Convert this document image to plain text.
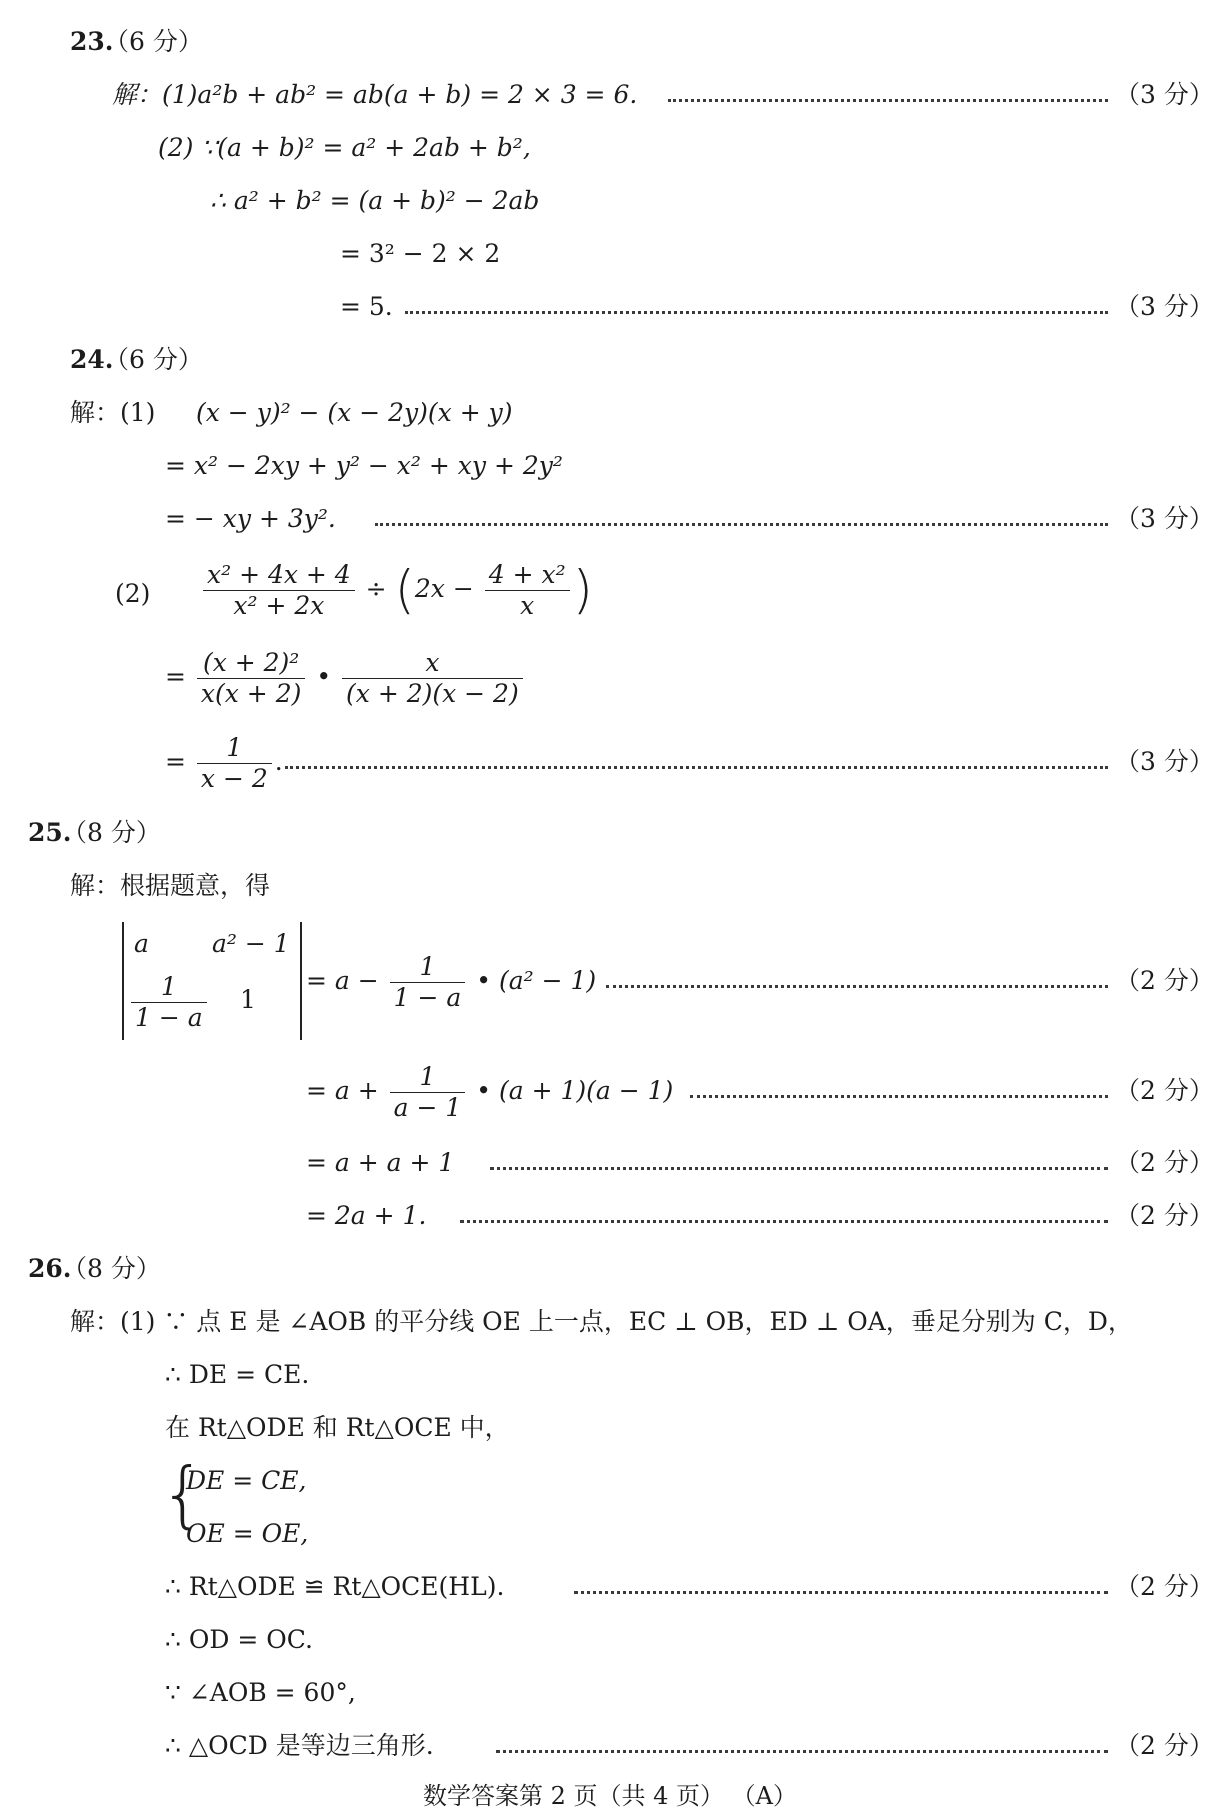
23.
（6 分）
解：(1)a²b + ab² = ab(a + b) = 2 × 3 = 6.	（3 分）
(2) ∵(a + b)² = a² + 2ab + b²,
∴ a² + b² = (a + b)² − 2ab
= 3² − 2 × 2
= 5.	（3 分）
24.
（6 分）
解：(1) (x − y)² − (x − 2y)(x + y)
= x² − 2xy + y² − x² + xy + 2y²
= − xy + 3y².	（3 分）
$(2) \frac{\text{x² + 4x + 4}}{\text{x² + 2x}} \div (2x - \frac{\text{4 + x²}}{x}$ )
= $\frac{\text{(x + 2)²}}{x(x + 2)}$ • $\frac{x}{(x + 2)(x - 2)}$
= $\frac{1}{x - 2}$ .	（3 分）
25.
（8 分）
解：根据题意，得
a	a² − 1
$\frac{1}{1 - a} 1$
= $a - \frac{1}{1 - a}$ • (a² − 1)	（2 分）
= $a + \frac{1}{a - 1}$ • (a + 1)(a − 1)	（2 分）
= a + a + 1	（2 分）
= 2a + 1.	（2 分）
26.
（8 分）
解：(1) ∵ 点 E 是 ∠AOB 的平分线 OE 上一点，EC ⊥ OB，ED ⊥ OA，垂足分别为 C，D，
∴ DE = CE.
在 Rt△ODE 和 Rt△OCE 中，
{
DE = CE,
OE = OE,
∴ Rt△ODE ≌ Rt△OCE(HL).	（2 分）
∴ OD = OC.
∵ ∠AOB = 60°,
∴ △OCD 是等边三角形.	（2 分）
数学答案第 2 页（共 4 页） （A）
